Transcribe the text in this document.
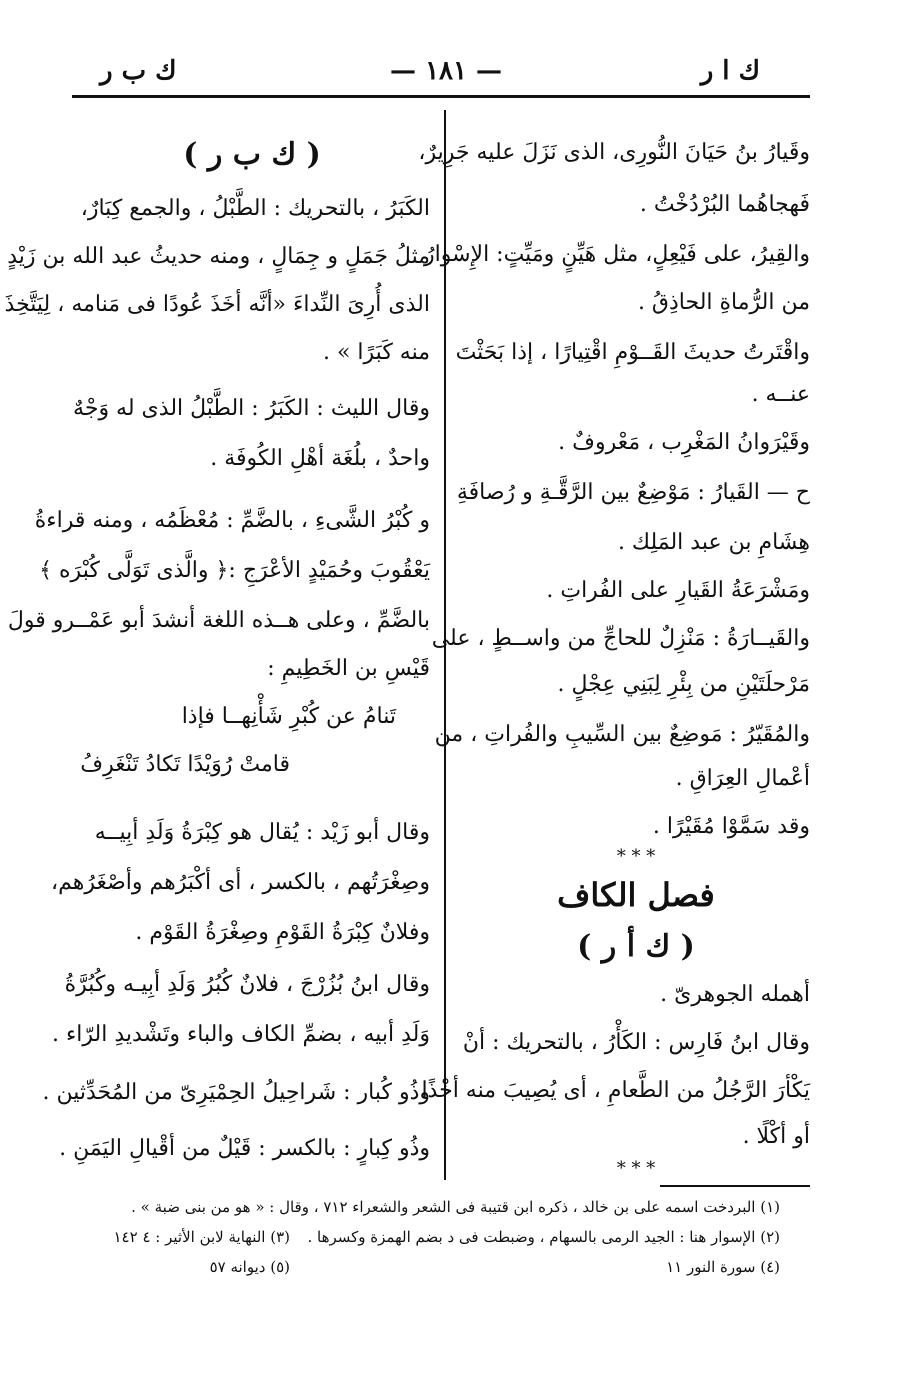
ك ا ر
— ١٨١ —
ك ب ر
وقَيارُ بنُ حَيَانَ النُّورِى، الذى نَزَلَ عليه جَرِيرٌ،
فَهجاهُما البُرْدُخْتُ .
والقِيرُ، على فَيْعِلٍ، مثل هَيِّنٍ ومَيِّتٍ: الإِسْوارُ
من الرُّماةِ الحاذِقُ .
واقْتَرتُ حديثَ القَــوْمِ اقْتِيارًا ، إذا بَحَثْتَ
عنــه .
وقَيْرَوانُ المَغْرِب ، مَعْروفٌ .
ح — القَيارُ : مَوْضِعٌ بين الرَّقَّـةِ و رُصافَةِ
هِشَامِ بن عبد المَلِك .
ومَشْرَعَةُ القَيارِ على الفُراتِ .
والقَيــارَةُ : مَنْزِلٌ للحاجِّ من واســطٍ ، على
مَرْحلَتَيْنِ من بِئْرِ لِبَنِي عِجْلٍ .
والمُقَيّرُ : مَوضِعٌ بين السِّيبِ والفُراتِ ، من
أعْمالِ العِرَاقِ .
وقد سَمَّوْا مُقَيْرًا .
* * *
فصل الكاف
( ك أ ر )
أهمله الجوهرىّ .
وقال ابنُ فَارِس : الكَأْرُ ، بالتحريك : أنْ
يَكْأرَ الرَّجُلُ من الطَّعامِ ، أى يُصِيبَ منه أخْذًا
أو أكْلًا .
* * *
( ك ب ر )
الكَبَرُ ، بالتحريك : الطَّبْلُ ، والجمع كِبَارٌ،
مثلُ جَمَلٍ و جِمَالٍ ، ومنه حديثُ عبد الله بن زَيْدٍ
الذى أُرِىَ النِّداءَ «أنَّه أخَذَ عُودًا فى مَنامه ، لِيَتَّخِذَ
منه كَبَرًا » .
وقال الليث : الكَبَرُ : الطَّبْلُ الذى له وَجْهٌ
واحدٌ ، بلُغَة أهْلِ الكُوفَة .
و كُبْرُ الشَّىءِ ، بالضَّمِّ : مُعْظَمُه ، ومنه قراءةُ
يَعْقُوبَ وحُمَيْدٍ الأعْرَجِ :﴿ والَّذى تَوَلَّى كُبْرَه ﴾
بالضَّمِّ ، وعلى هــذه اللغة أنشدَ أبو عَمْــرو قولَ
قَيْسِ بن الخَطِيمِ :
تَنامُ عن كُبْرِ شَأْنِهــا فإذا
قامتْ رُوَيْدًا تَكادُ تَنْغَرِفُ
وقال أبو زَيْد : يُقال هو كِبْرَةُ وَلَدِ أبِيــه
وصِغْرَتُهم ، بالكسر ، أى أكْبَرُهم وأصْغَرُهم،
وفلانٌ كِبْرَةُ القَوْمِ وصِغْرَةُ القَوْم .
وقال ابنُ بُزُرْجَ ، فلانٌ كُبُرُ وَلَدِ أبِيـه وكُبُرَّةُ
وَلَدِ أبيه ، بضمِّ الكاف والباء وتَشْديدِ الرّاء .
وذُو كُبار : شَراحِيلُ الحِمْيَرِىّ من المُحَدِّثين .
وذُو كِبارٍ : بالكسر : قَيْلٌ من أقْيالِ اليَمَنِ .
(١) البردخت اسمه على بن خالد ، ذكره ابن قتيبة فى الشعر والشعراء ٧١٢ ، وقال : « هو من بنى ضبة » .
(٢) الإسوار هنا : الجيد الرمى بالسهام ، وضبطت فى د بضم الهمزة وكسرها .
(٣) النهاية لابن الأثير : ٤ ١٤٢
(٤) سورة النور ١١
(٥) ديوانه ٥٧
